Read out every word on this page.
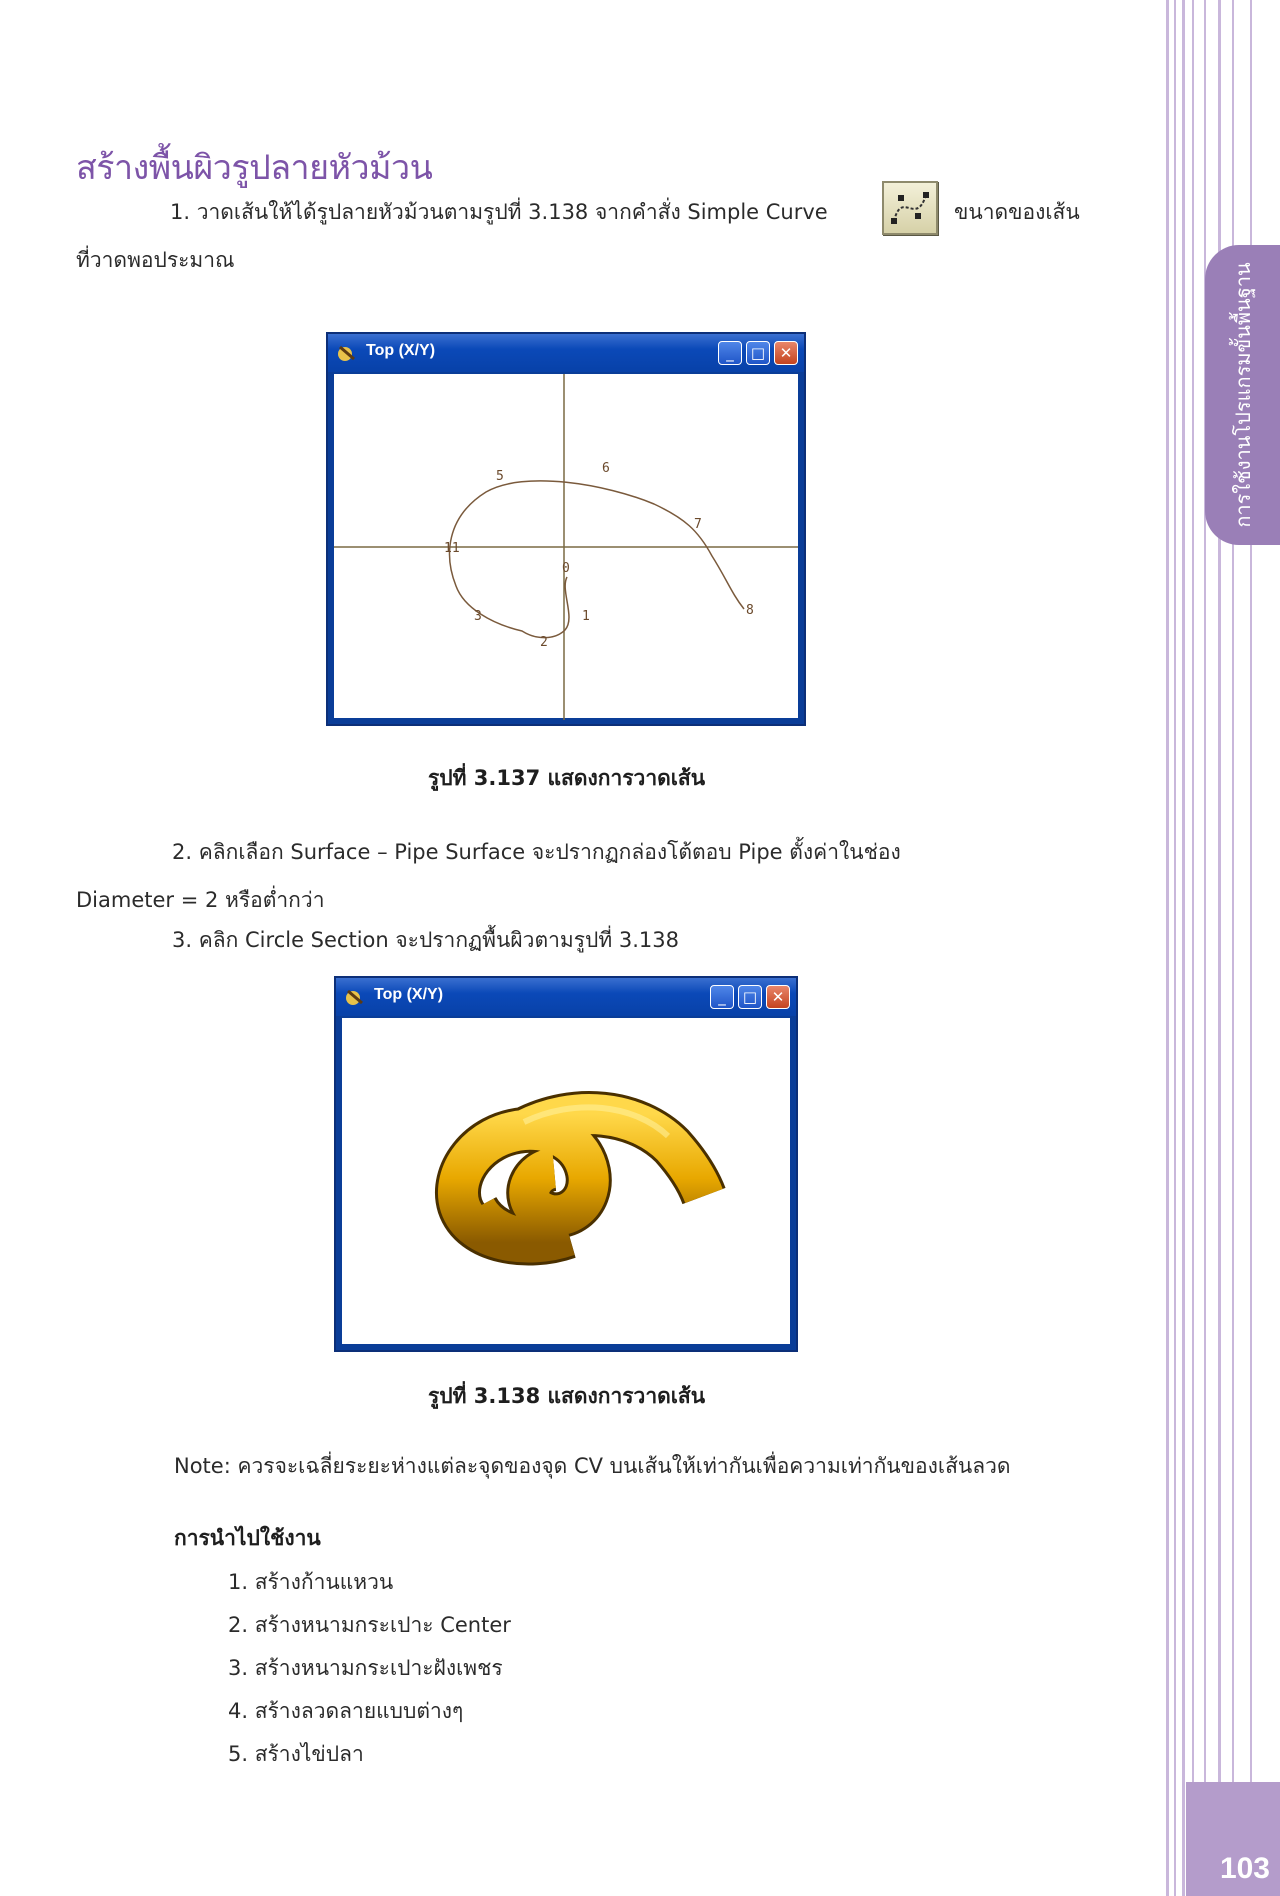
การใช้งานโปรแกรมขั้นพื้นฐาน
103
สร้างพื้นผิวรูปลายหัวม้วน
1. วาดเส้นให้ได้รูปลายหัวม้วนตามรูปที่ 3.138 จากคำสั่ง Simple Curve	ขนาดของเส้น
ที่วาดพอประมาณ
Top (X/Y)	_	□ ✕
5
6
7
8
11
0
1
2
3
รูปที่ 3.137 แสดงการวาดเส้น
2. คลิกเลือก Surface – Pipe Surface จะปรากฏกล่องโต้ตอบ Pipe ตั้งค่าในช่อง
Diameter = 2 หรือต่ำกว่า
3. คลิก Circle Section จะปรากฏพื้นผิวตามรูปที่ 3.138
Top (X/Y)	_	□ ✕
รูปที่ 3.138 แสดงการวาดเส้น
Note: ควรจะเฉลี่ยระยะห่างแต่ละจุดของจุด CV บนเส้นให้เท่ากันเพื่อความเท่ากันของเส้นลวด
การนำไปใช้งาน
1. สร้างก้านแหวน
2. สร้างหนามกระเปาะ Center
3. สร้างหนามกระเปาะฝังเพชร
4. สร้างลวดลายแบบต่างๆ
5. สร้างไข่ปลา
